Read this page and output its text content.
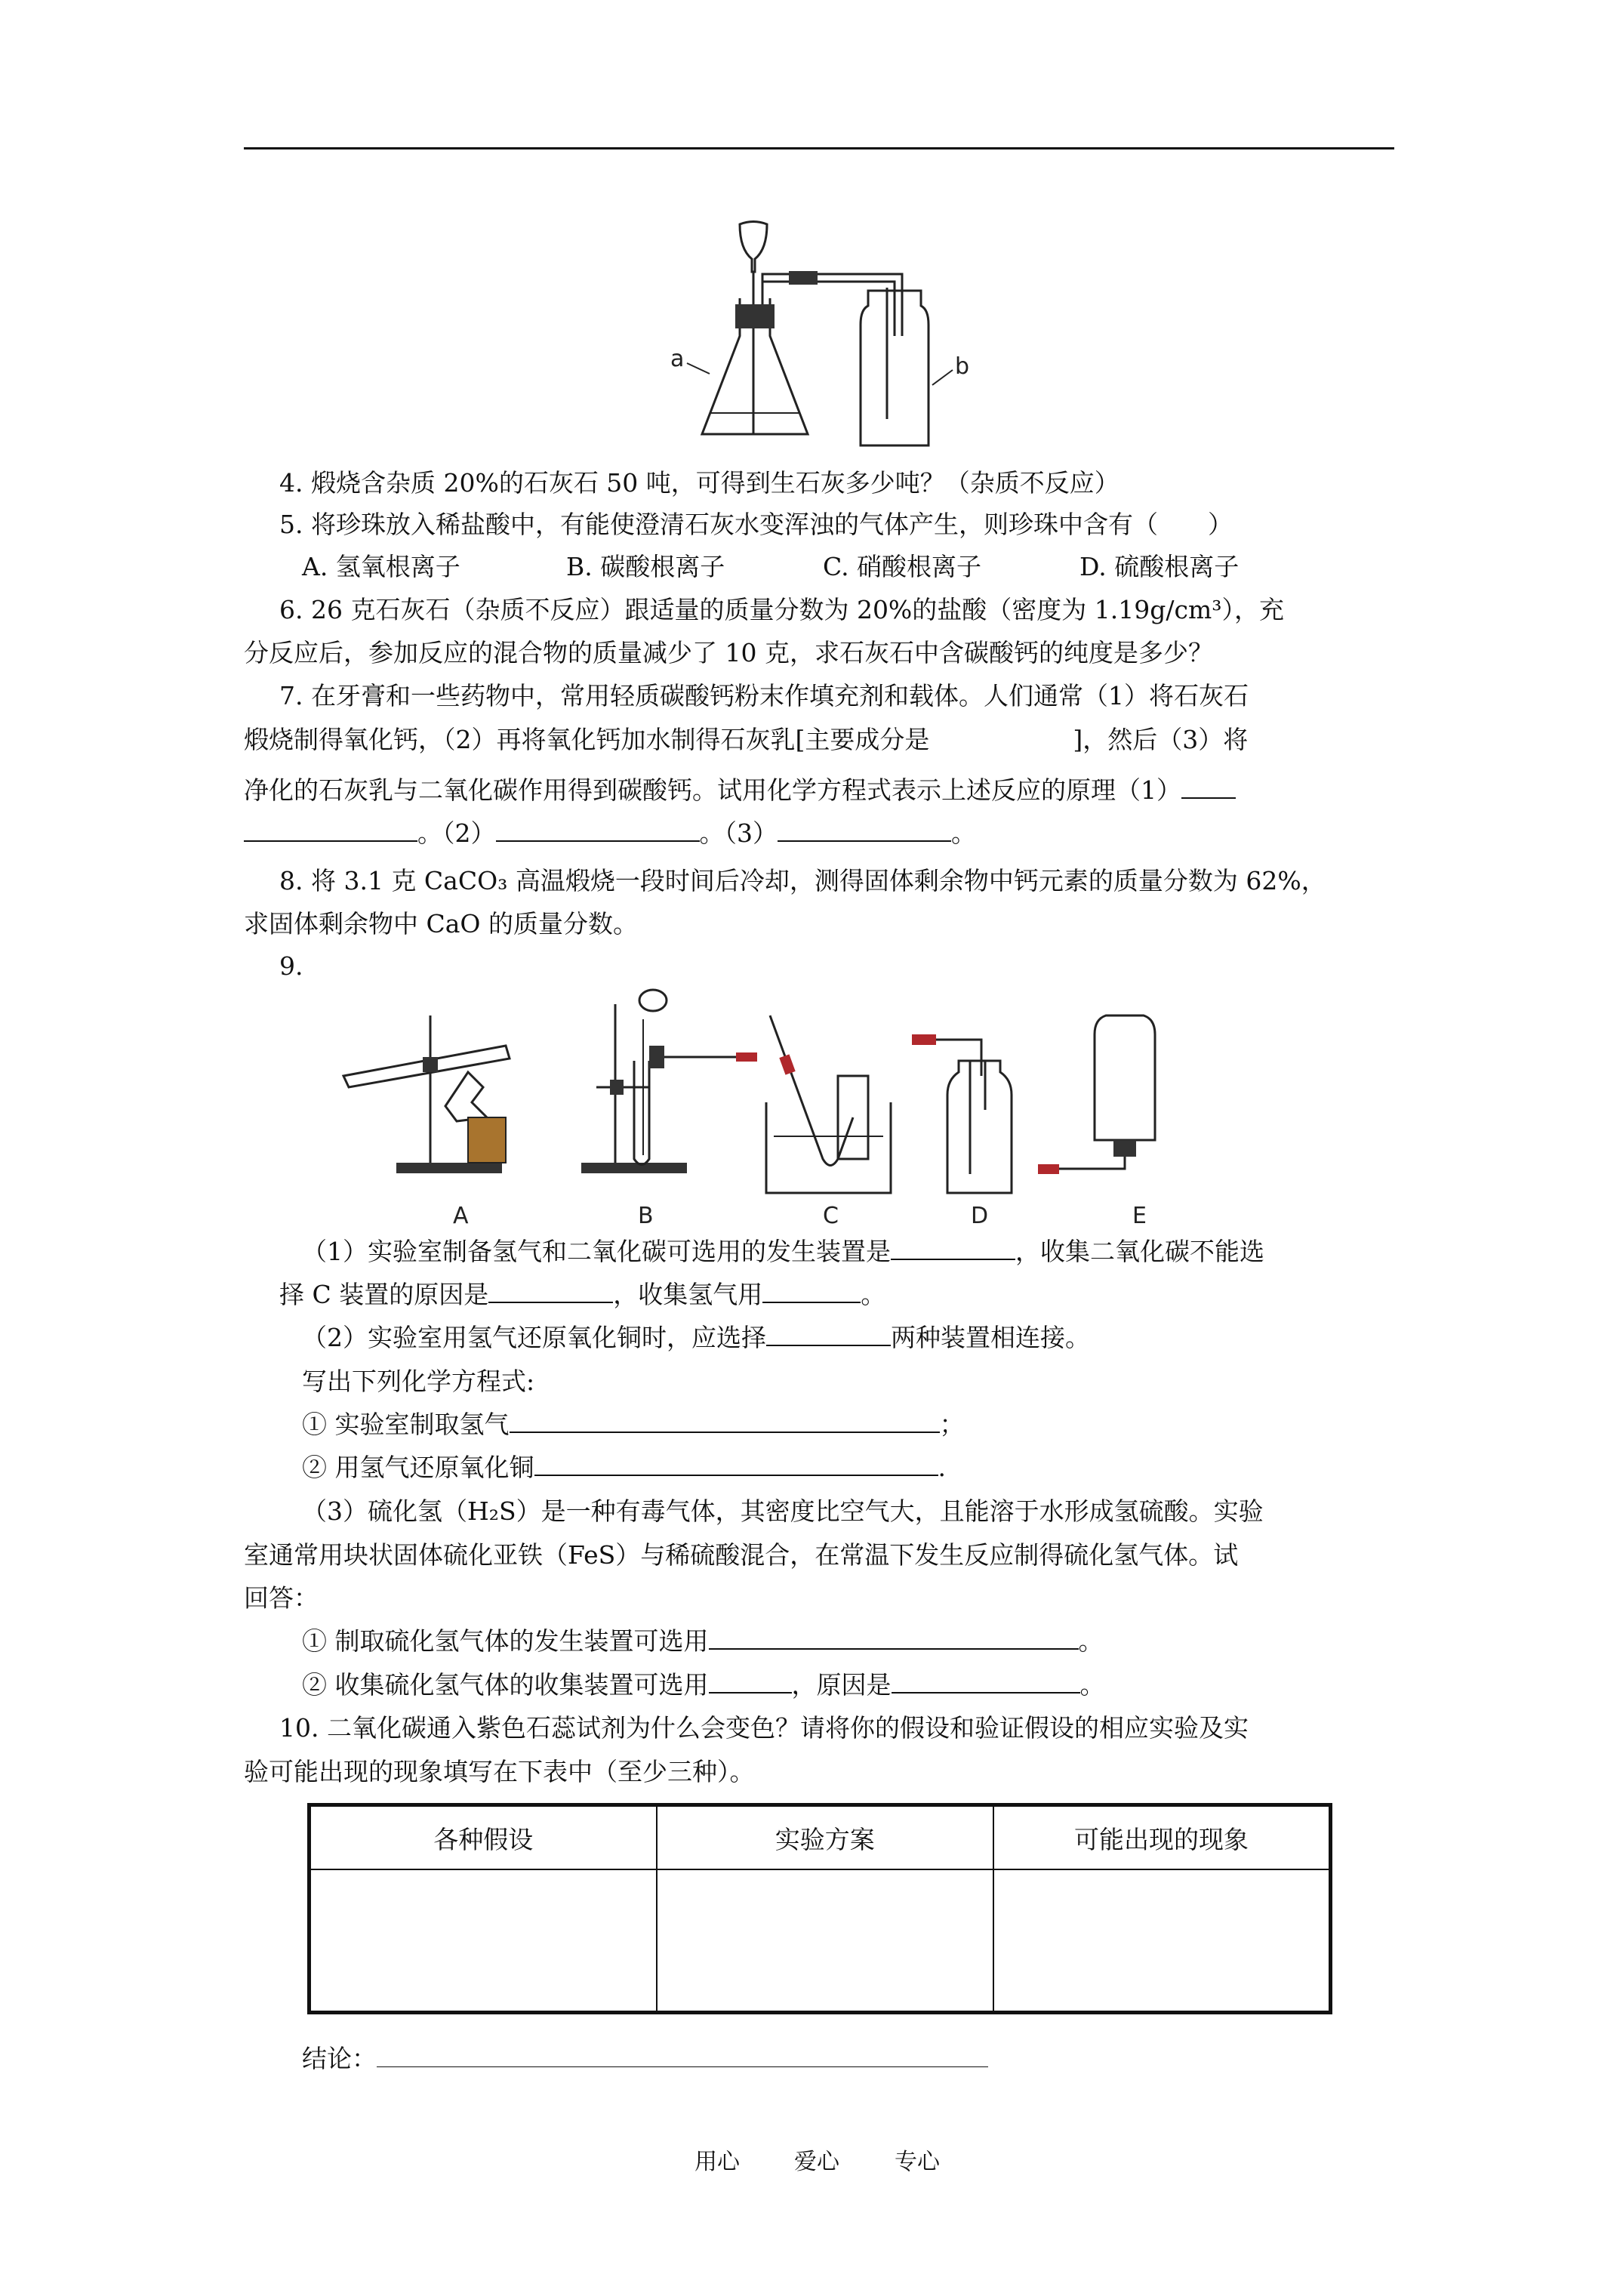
a	b
4. 煅烧含杂质 20%的石灰石 50 吨，可得到生石灰多少吨？（杂质不反应）
5. 将珍珠放入稀盐酸中，有能使澄清石灰水变浑浊的气体产生，则珍珠中含有（　　）
A. 氢氧根离子	B. 碳酸根离子	C. 硝酸根离子	D. 硫酸根离子
6. 26 克石灰石（杂质不反应）跟适量的质量分数为 20%的盐酸（密度为 1.19g/cm³），充
分反应后，参加反应的混合物的质量减少了 10 克，求石灰石中含碳酸钙的纯度是多少？
7. 在牙膏和一些药物中，常用轻质碳酸钙粉末作填充剂和载体。人们通常（1）将石灰石
煅烧制得氧化钙，（2）再将氧化钙加水制得石灰乳[主要成分是	]，然后（3）将
净化的石灰乳与二氧化碳作用得到碳酸钙。试用化学方程式表示上述反应的原理（1）
。（2）	。（3）	。
8. 将 3.1 克 CaCO₃ 高温煅烧一段时间后冷却，测得固体剩余物中钙元素的质量分数为 62%，
求固体剩余物中 CaO 的质量分数。
9.
A	B	C	D	E
（1）实验室制备氢气和二氧化碳可选用的发生装置是	，收集二氧化碳不能选
择 C 装置的原因是	，收集氢气用	。
（2）实验室用氢气还原氧化铜时，应选择	两种装置相连接。
写出下列化学方程式:
① 实验室制取氢气	；
② 用氢气还原氧化铜	.
（3）硫化氢（H₂S）是一种有毒气体，其密度比空气大，且能溶于水形成氢硫酸。实验
室通常用块状固体硫化亚铁（FeS）与稀硫酸混合，在常温下发生反应制得硫化氢气体。试
回答：
① 制取硫化氢气体的发生装置可选用	。
② 收集硫化氢气体的收集装置可选用	，原因是	。
10. 二氧化碳通入紫色石蕊试剂为什么会变色？请将你的假设和验证假设的相应实验及实
验可能出现的现象填写在下表中（至少三种）。
各种假设	实验方案	可能出现的现象

结论：
用心 爱心 专心
